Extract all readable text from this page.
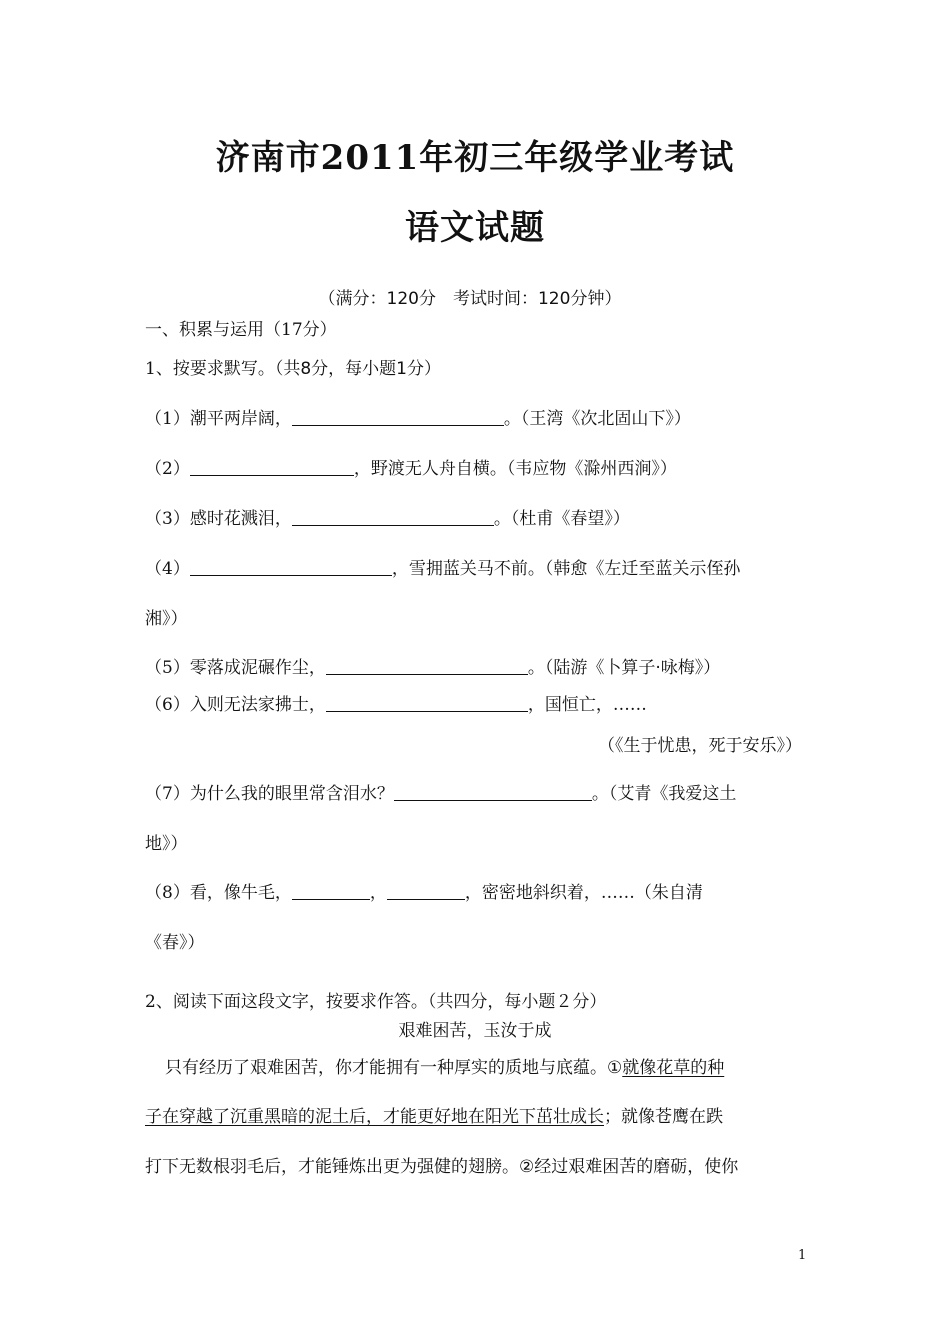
济南市2011年初三年级学业考试
语文试题
（满分：120分　考试时间：120分钟）
一、积累与运用（17分）
1、按要求默写。（共8分，每小题1分）
（1）潮平两岸阔，	。（王湾《次北固山下》）
（2）	，野渡无人舟自横。（韦应物《滁州西涧》）
（3）感时花溅泪，	。（杜甫《春望》）
（4）	，雪拥蓝关马不前。（韩愈《左迁至蓝关示侄孙
湘》）
（5）零落成泥碾作尘，	。（陆游《卜算子·咏梅》）
（6）入则无法家拂士，	，国恒亡，……
（《生于忧患，死于安乐》）
（7）为什么我的眼里常含泪水？	。（艾青《我爱这土
地》）
（8）看，像牛毛，	，	，密密地斜织着，……（朱自清
《春》）
2、阅读下面这段文字，按要求作答。（共四分，每小题２分）
艰难困苦，玉汝于成
只有经历了艰难困苦，你才能拥有一种厚实的质地与底蕴。①就像花草的种
子在穿越了沉重黑暗的泥土后，才能更好地在阳光下茁壮成长；就像苍鹰在跌
打下无数根羽毛后，才能锤炼出更为强健的翅膀。②经过艰难困苦的磨砺，使你
1
